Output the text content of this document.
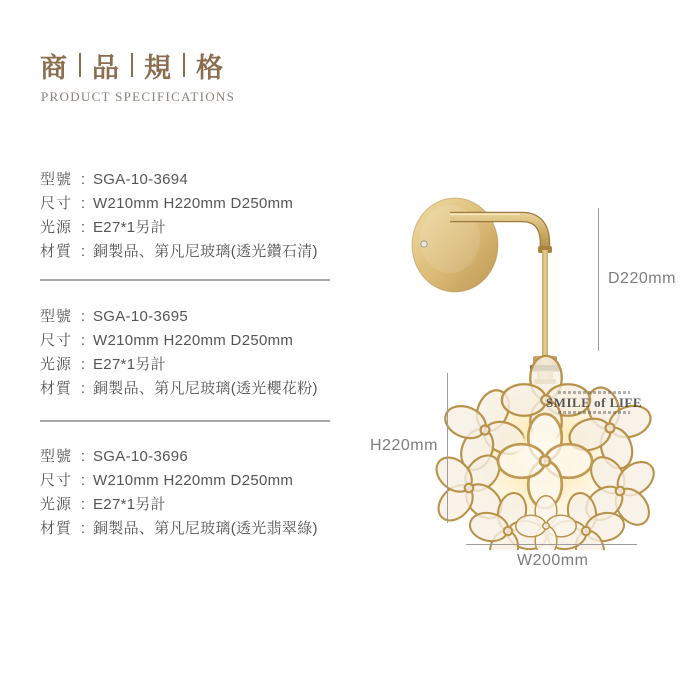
商 品 規 格
PRODUCT SPECIFICATIONS
型號 : SGA-10-3694
尺寸 : W210mm H220mm D250mm
光源 : E27*1另計
材質 : 銅製品、第凡尼玻璃(透光鑽石清)
型號 : SGA-10-3695
尺寸 : W210mm H220mm D250mm
光源 : E27*1另計
材質 : 銅製品、第凡尼玻璃(透光櫻花粉)
型號 : SGA-10-3696
尺寸 : W210mm H220mm D250mm
光源 : E27*1另計
材質 : 銅製品、第凡尼玻璃(透光翡翠綠)
SMILE of LIFE
D220mm
H220mm
W200mm
